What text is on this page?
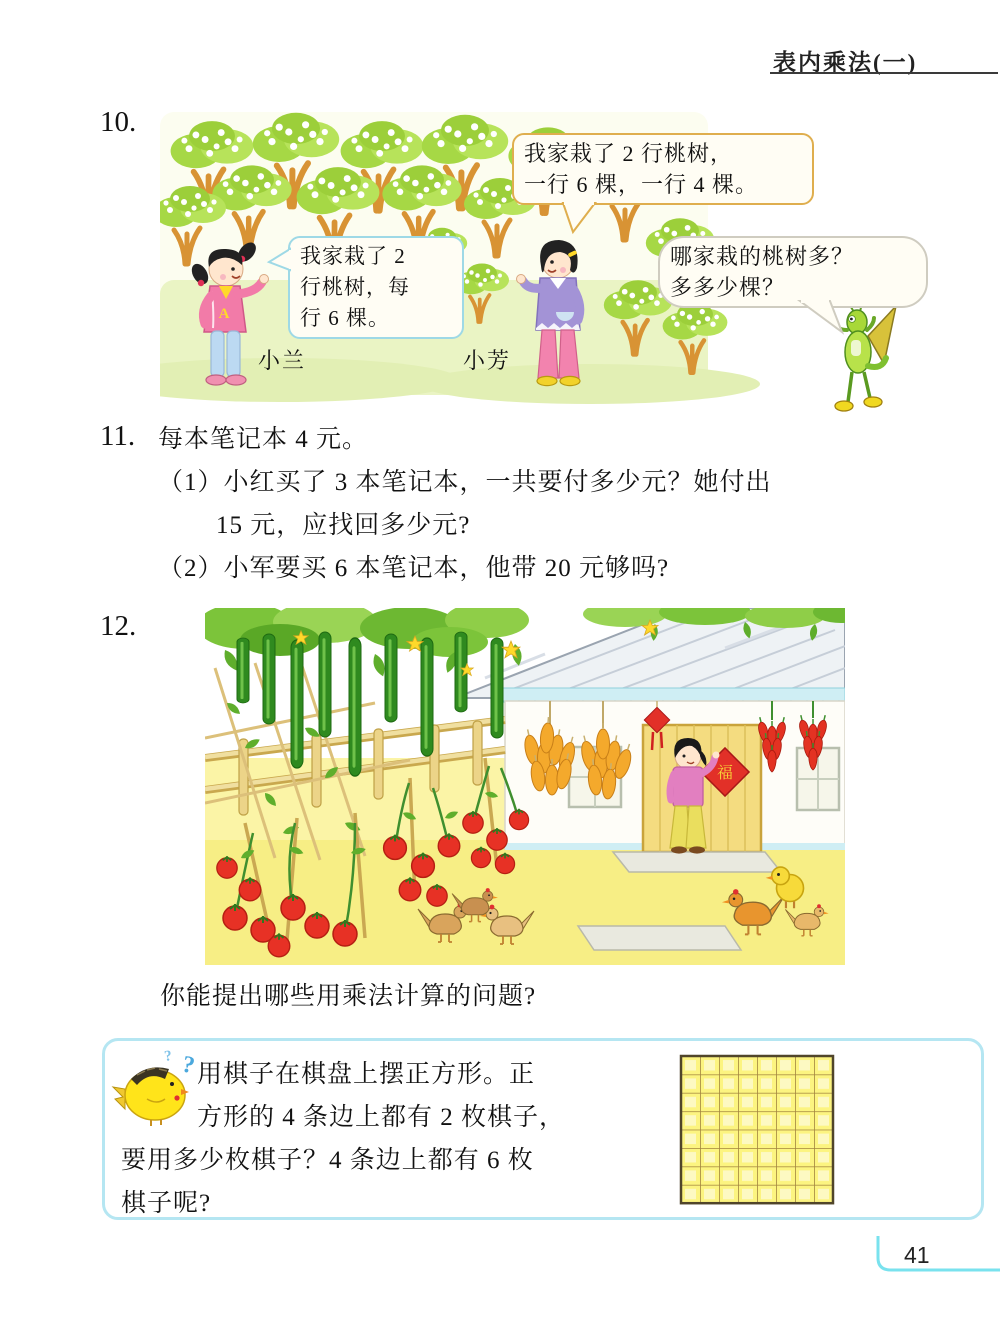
表内乘法(一)
10.
A
我家栽了 2 行桃树，
一行 6 棵，一行 4 棵。
我家栽了 2
行桃树，每
行 6 棵。
哪家栽的桃树多？
多多少棵？
小兰	小芳
11. 每本笔记本 4 元。
（1）小红买了 3 本笔记本，一共要付多少元？她付出
15 元，应找回多少元?
（2）小军要买 6 本笔记本，他带 20 元够吗?
12.
福
你能提出哪些用乘法计算的问题?
?
?
用棋子在棋盘上摆正方形。正
方形的 4 条边上都有 2 枚棋子，
要用多少枚棋子？4 条边上都有 6 枚
棋子呢?
41
